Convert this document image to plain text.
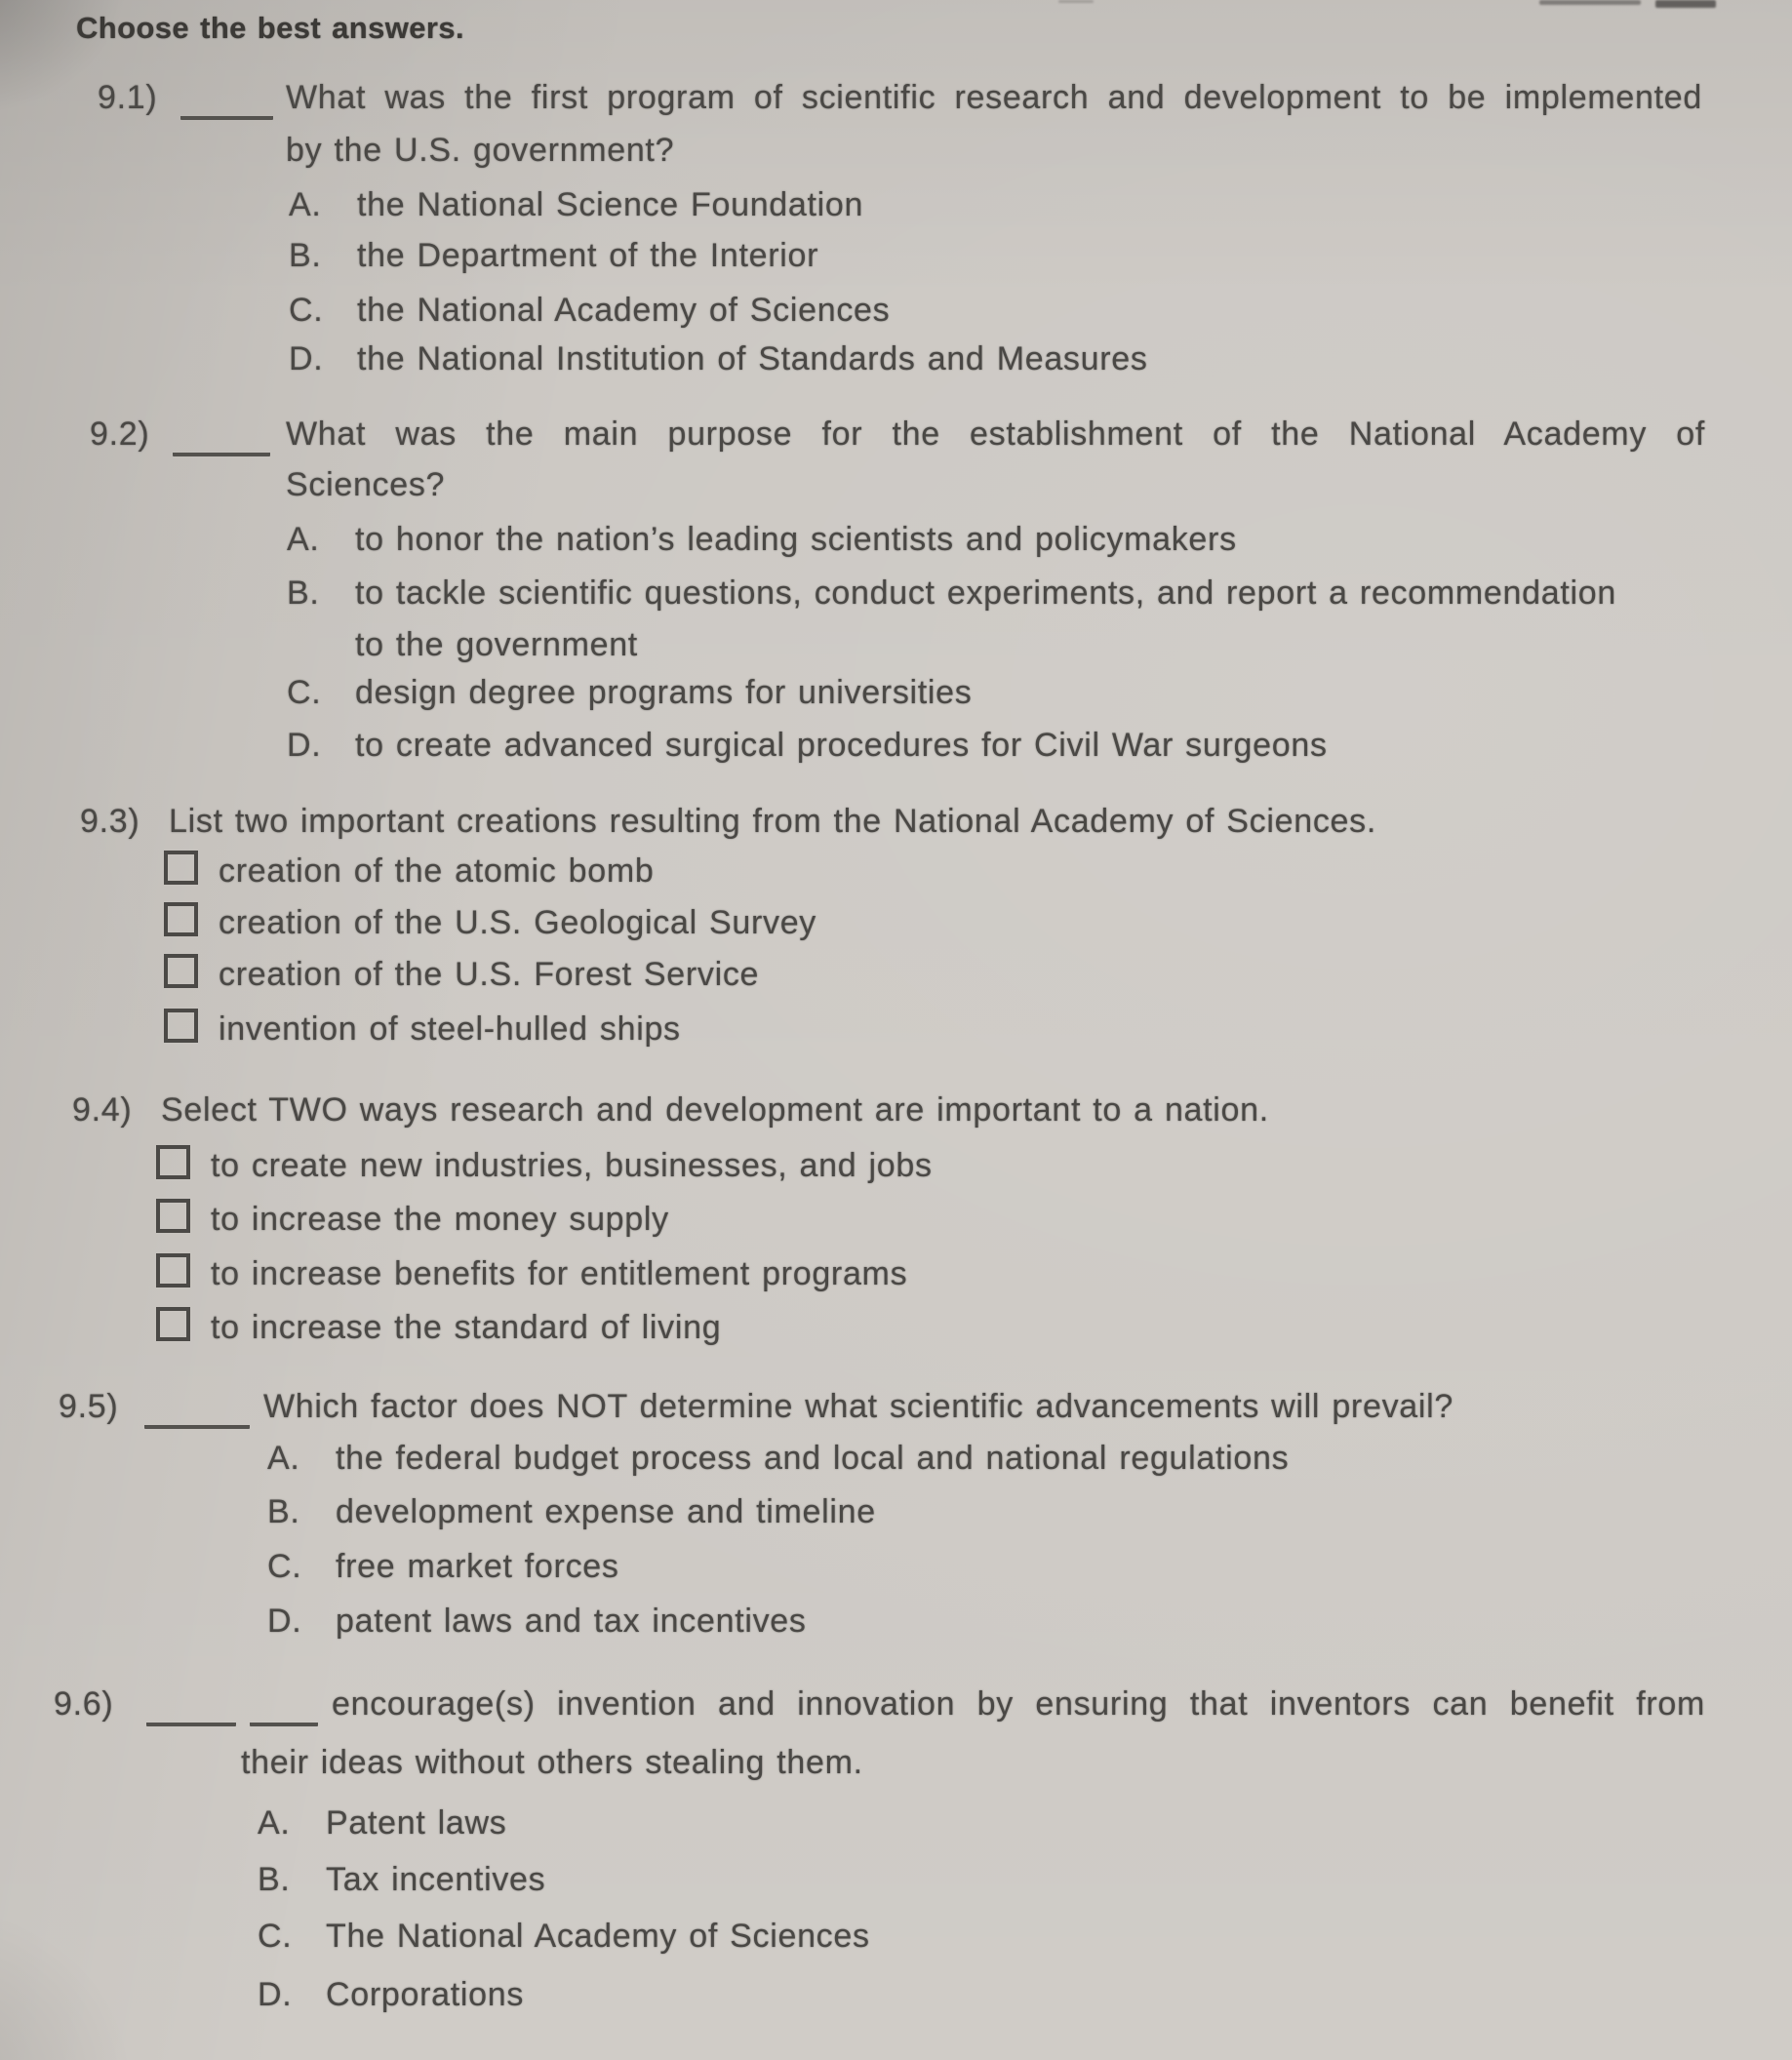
Choose the best answers.
9.1)	What was the first program of scientific research and development to be implemented
by the U.S. government?
A. the National Science Foundation
B. the Department of the Interior
C. the National Academy of Sciences
D. the National Institution of Standards and Measures
9.2)	What was the main purpose for the establishment of the National Academy of
Sciences?
A. to honor the nation’s leading scientists and policymakers
B. to tackle scientific questions, conduct experiments, and report a recommendation
to the government
C. design degree programs for universities
D. to create advanced surgical procedures for Civil War surgeons
9.3) List two important creations resulting from the National Academy of Sciences.
creation of the atomic bomb
creation of the U.S. Geological Survey
creation of the U.S. Forest Service
invention of steel-hulled ships
9.4) Select TWO ways research and development are important to a nation.
to create new industries, businesses, and jobs
to increase the money supply
to increase benefits for entitlement programs
to increase the standard of living
9.5)	Which factor does NOT determine what scientific advancements will prevail?
A. the federal budget process and local and national regulations
B. development expense and timeline
C. free market forces
D. patent laws and tax incentives
9.6)	encourage(s) invention and innovation by ensuring that inventors can benefit from
their ideas without others stealing them.
A. Patent laws
B. Tax incentives
C. The National Academy of Sciences
D. Corporations
